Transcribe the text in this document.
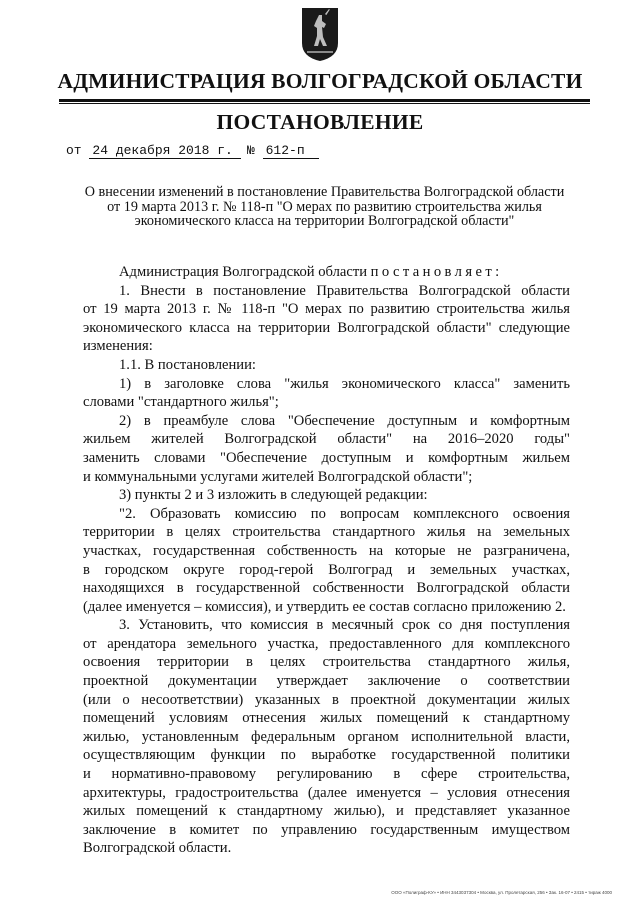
АДМИНИСТРАЦИЯ ВОЛГОГРАДСКОЙ ОБЛАСТИ
ПОСТАНОВЛЕНИЕ
от 24 декабря 2018 г.	№ 612-п
О внесении изменений в постановление Правительства Волгоградской области
от 19 марта 2013 г. № 118-п "О мерах по развитию строительства жилья
экономического класса на территории Волгоградской области"

Администрация Волгоградской области постановляет:

1. Внести в постановление Правительства Волгоградской области

от 19 марта 2013 г. № 118-п "О мерах по развитию строительства жилья

экономического класса на территории Волгоградской области" следующие

изменения:

1.1. В постановлении:

1) в заголовке слова "жилья экономического класса" заменить

словами "стандартного жилья";

2) в преамбуле слова "Обеспечение доступным и комфортным

жильем жителей Волгоградской области" на 2016–2020 годы"

заменить словами "Обеспечение доступным и комфортным жильем

и коммунальными услугами жителей Волгоградской области";

3) пункты 2 и 3 изложить в следующей редакции:

"2. Образовать комиссию по вопросам комплексного освоения

территории в целях строительства стандартного жилья на земельных

участках, государственная собственность на которые не разграничена,

в городском округе город-герой Волгоград и земельных участках,

находящихся в государственной собственности Волгоградской области

(далее именуется – комиссия), и утвердить ее состав согласно приложению 2.

3. Установить, что комиссия в месячный срок со дня поступления

от арендатора земельного участка, предоставленного для комплексного

освоения территории в целях строительства стандартного жилья,

проектной документации утверждает заключение о соответствии

(или о несоответствии) указанных в проектной документации жилых

помещений условиям отнесения жилых помещений к стандартному

жилью, установленным федеральным органом исполнительной власти,

осуществляющим функции по выработке государственной политики

и нормативно-правовому регулированию в сфере строительства,

архитектуры, градостроительства (далее именуется – условия отнесения

жилых помещений к стандартному жилью), и представляет указанное

заключение в комитет по управлению государственным имуществом

Волгоградской области.

ООО «Полиграф-КУ» • ИНН 3443037304 • Москва, ул. Пролетарская, 256 • Зак. 16-07 • 2415 • тираж 4000
